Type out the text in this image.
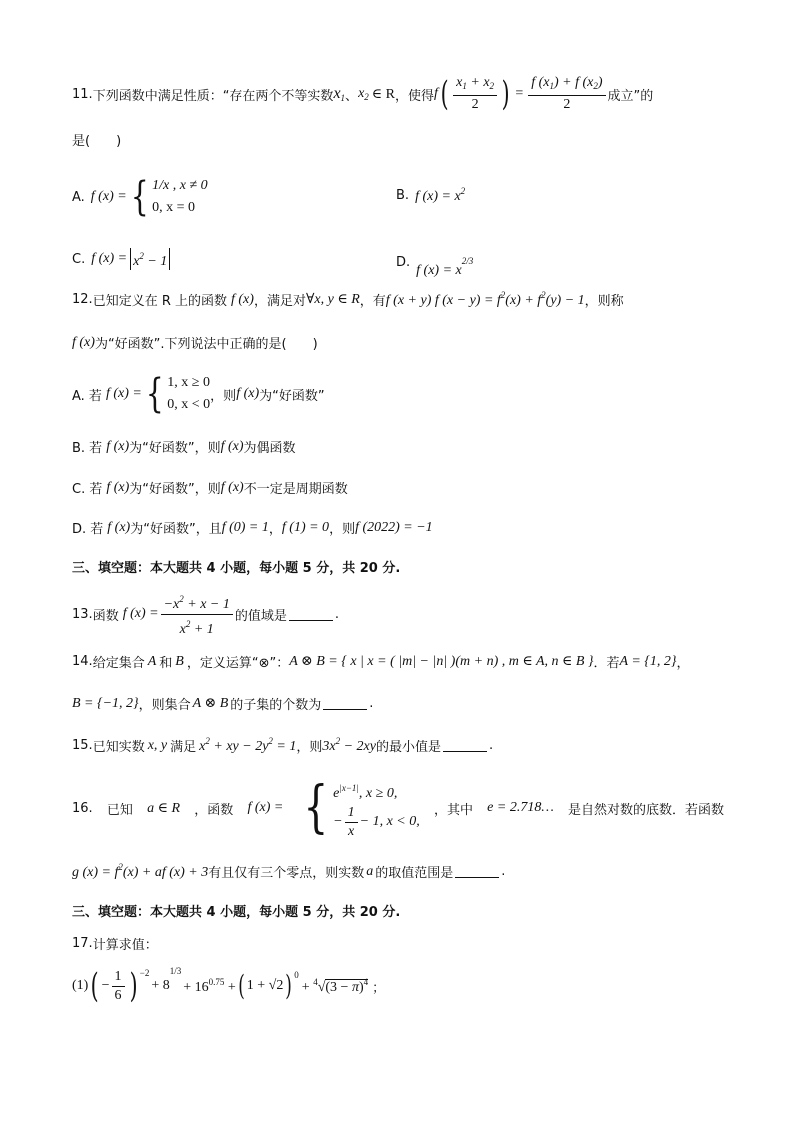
11. 下列函数中满足性质：“存在两个不等实数 $x_1$ 、 $x_2$ ∈ R ，使得 f ( $\frac{x_1 + x_2}{2}$ ) = $\frac{f (x_1) + f (x_2)}{2}$ 成立”的
是(　　)
A. f (x) = { 1/x , x ≠ 0
0, x = 0
B. f $(x) = x^2$
C. f $(x) = x^2 - 1$	D.
f $(x) = x^{2/3}$
12. 已知定义在 R 上的函数 f (x) ，满足对 ∀x, y ∈ R ，有 f (x + y) f $(x - y) = f^2(x) + f^2(y) - 1$ ，则称
f (x) 为“好函数”.下列说法中正确的是(　　)
A. 若 f (x) = { 1, x ≥ 0
0, x < 0
，则 f (x) 为“好函数”
B. 若 f (x) 为“好函数”，则 f (x) 为偶函数
C. 若 f (x) 为“好函数”，则 f (x) 不一定是周期函数
D. 若 f (x) 为“好函数”，且 f (0) = 1 ， f (1) = 0 ，则 f (2022) = −1
三、填空题：本大题共 4 小题，每小题 5 分，共 20 分.
13. 函数 f $(x) = \frac{-x^2 + x - 1}{x^2 + 1}$ 的值域是	.
14. 给定集合 A 和 B ，定义运算“⊗”： A ⊗ B = { x | x = ( |m| − |n| )(m + n) , m ∈ A, n ∈ B } ．若 A = {1, 2} ，
B = {−1, 2} ，则集合 A ⊗ B 的子集的个数为	.
15. 已知实数 x, y 满足 $x^2$ + xy − $2y^2 = 1$ ，则 $3x^2 - 2xy$ 的最小值是	.
16. 已知 a ∈ R ，函数 f (x) = { $e^{|x-1|}$, x ≥ 0,
− $\frac{1}{x} - 1$, x < 0,
，其中 e = 2.718… 是自然对数的底数．若函数
g $(x) = f^2(x)$ + af (x) + 3 有且仅有三个零点，则实数 a 的取值范围是	.
三、填空题：本大题共 4 小题，每小题 5 分，共 20 分.
17. 计算求值：
(1) ( − $\frac{1}{6}$ ) −2
+ 8
1/3
+ $16^{0.75}$ + ( 1 + √2 ) 0
+ $^4√(3 - \pi)^4$ ；
